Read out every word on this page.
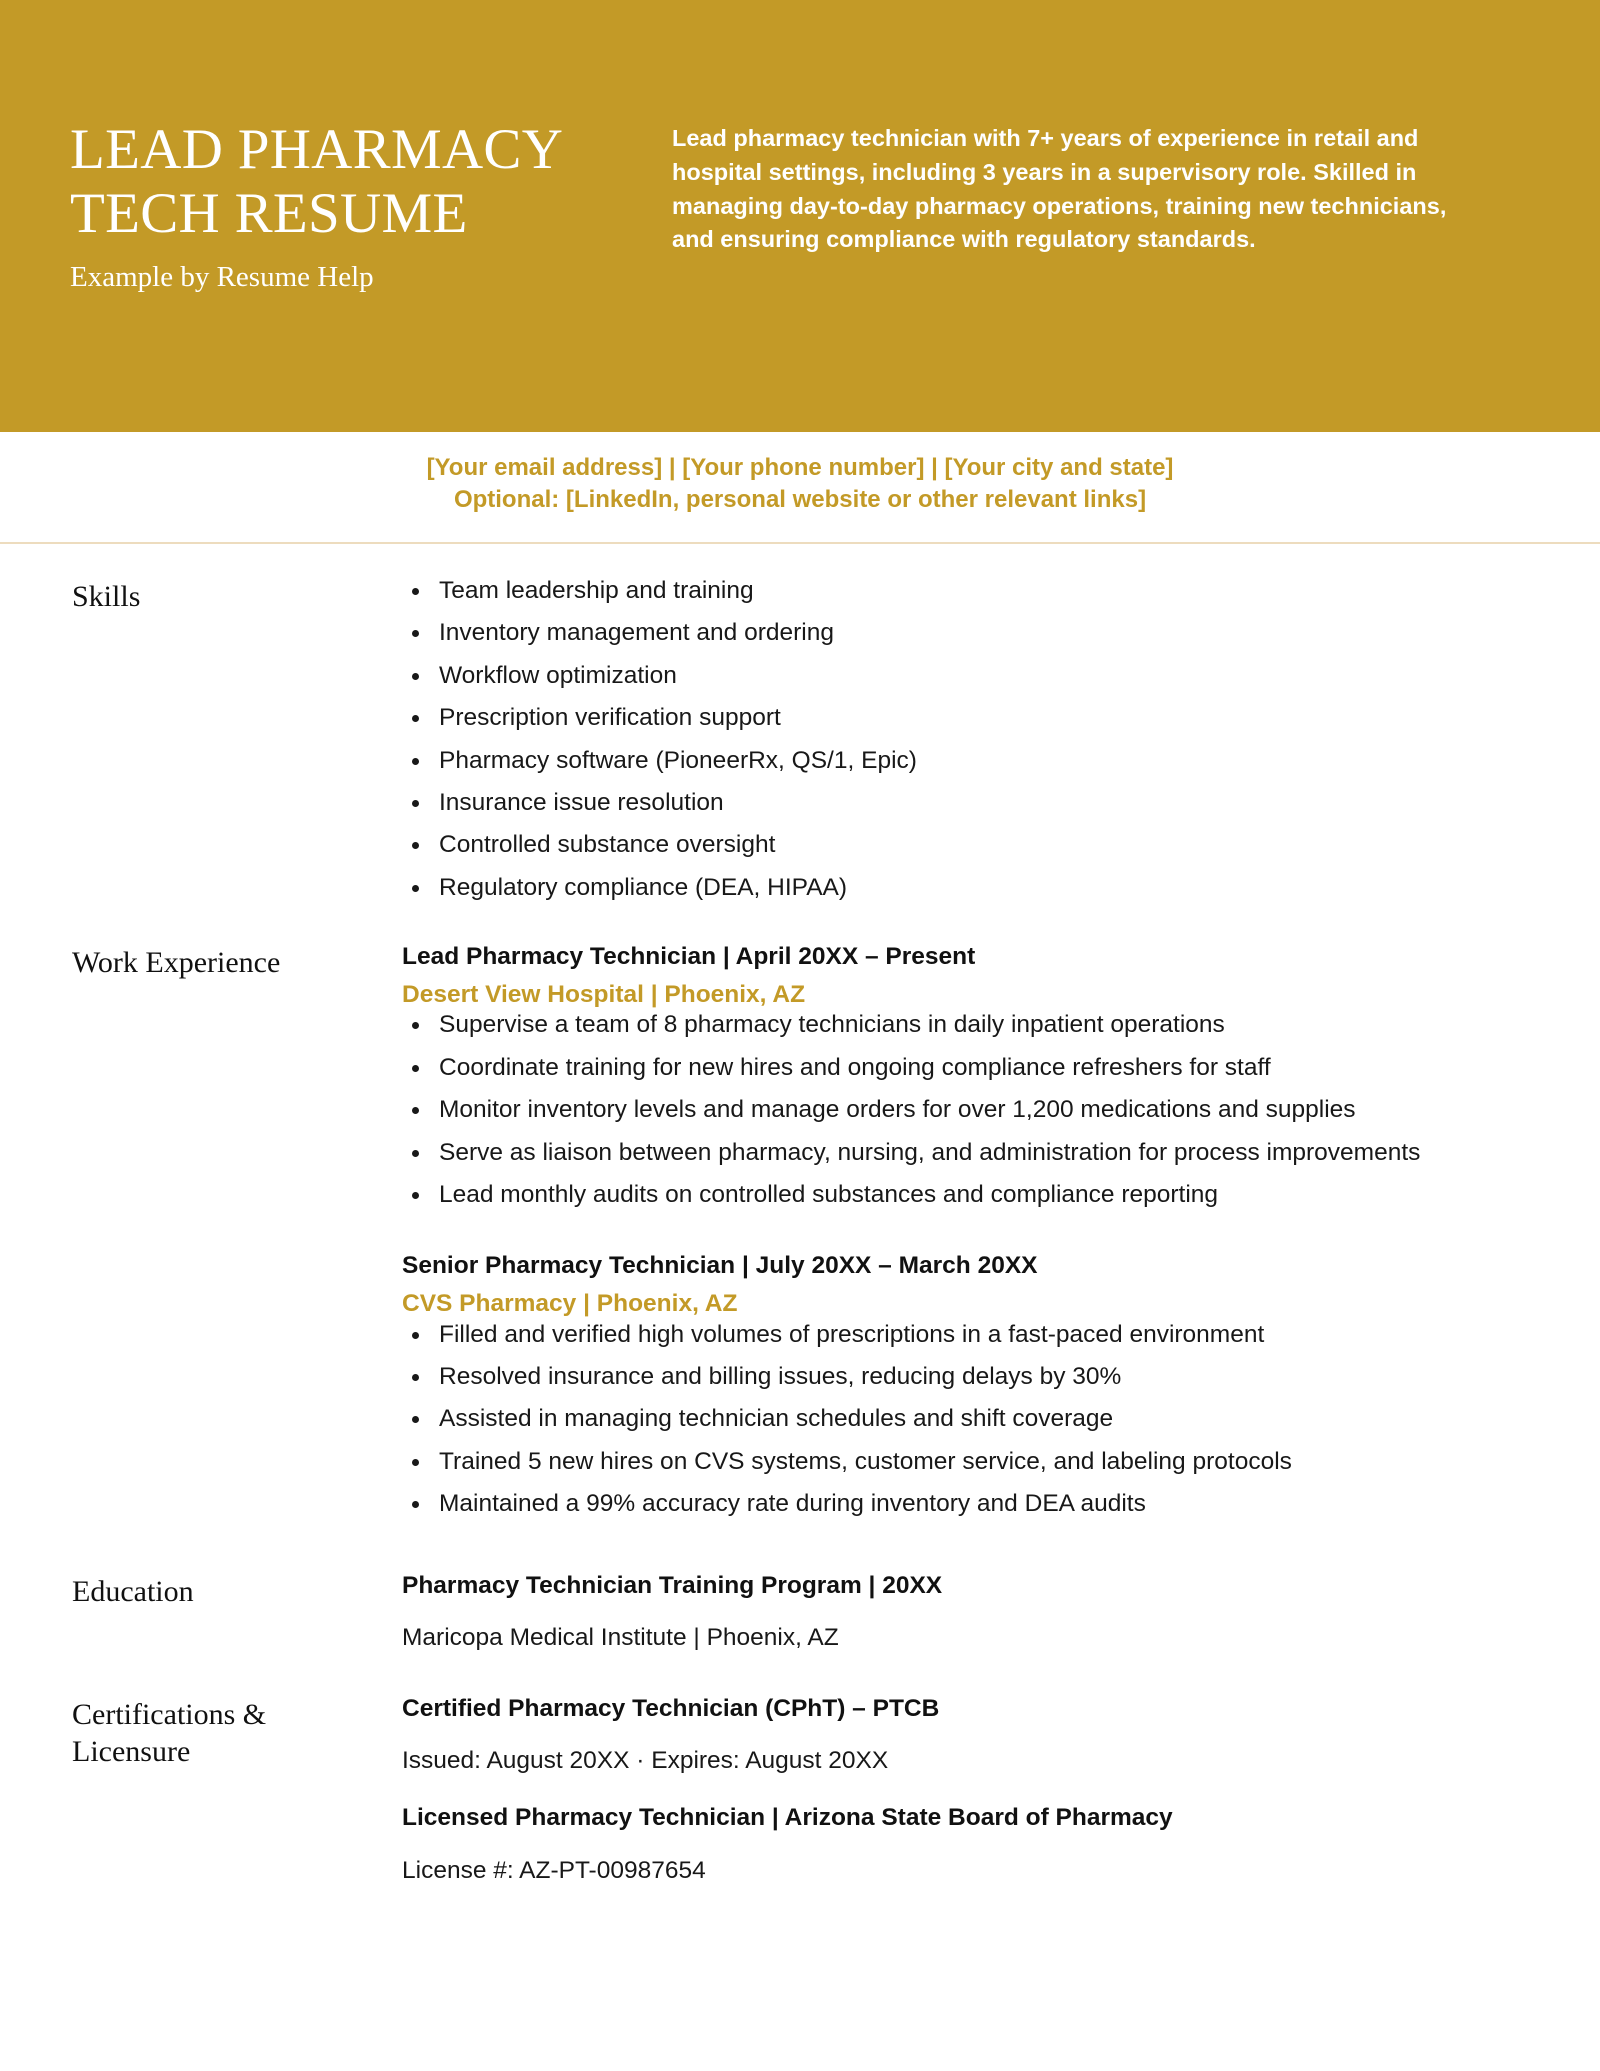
LEAD PHARMACY
TECH RESUME
Example by Resume Help

Lead pharmacy technician with 7+ years of experience in retail and hospital settings, including 3 years in a supervisory role. Skilled in managing day-to-day pharmacy operations, training new technicians, and ensuring compliance with regulatory standards.

[Your email address] | [Your phone number] | [Your city and state]
Optional: [LinkedIn, personal website or other relevant links]
Skills	Team leadership and training
Inventory management and ordering
Workflow optimization
Prescription verification support
Pharmacy software (PioneerRx, QS/1, Epic)
Insurance issue resolution
Controlled substance oversight
Regulatory compliance (DEA, HIPAA)
Work Experience	Lead Pharmacy Technician | April 20XX – Present
Desert View Hospital | Phoenix, AZ
Supervise a team of 8 pharmacy technicians in daily inpatient operations
Coordinate training for new hires and ongoing compliance refreshers for staff
Monitor inventory levels and manage orders for over 1,200 medications and supplies
Serve as liaison between pharmacy, nursing, and administration for process improvements
Lead monthly audits on controlled substances and compliance reporting
Senior Pharmacy Technician | July 20XX – March 20XX
CVS Pharmacy | Phoenix, AZ
Filled and verified high volumes of prescriptions in a fast-paced environment
Resolved insurance and billing issues, reducing delays by 30%
Assisted in managing technician schedules and shift coverage
Trained 5 new hires on CVS systems, customer service, and labeling protocols
Maintained a 99% accuracy rate during inventory and DEA audits
Education	Pharmacy Technician Training Program | 20XX
Maricopa Medical Institute | Phoenix, AZ
Certifications &
Licensure
Certified Pharmacy Technician (CPhT) – PTCB
Issued: August 20XX · Expires: August 20XX
Licensed Pharmacy Technician | Arizona State Board of Pharmacy
License #: AZ-PT-00987654
